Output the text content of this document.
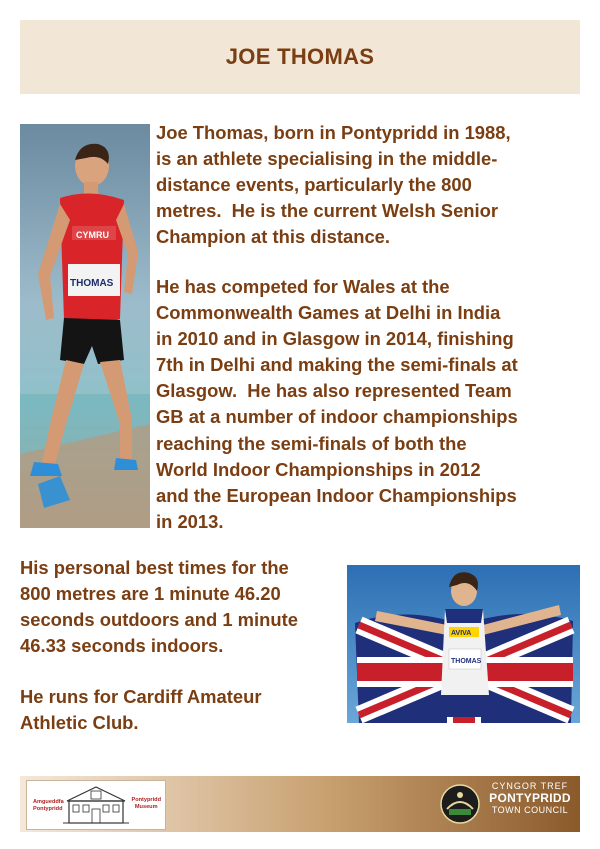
JOE THOMAS
CYMRU
THOMAS

Joe Thomas, born in Pontypridd in 1988,
is an athlete specialising in the middle-
distance events, particularly the 800
metres.  He is the current Welsh Senior
Champion at this distance.

He has competed for Wales at the
Commonwealth Games at Delhi in India
in 2010 and in Glasgow in 2014, finishing
7th in Delhi and making the semi-finals at
Glasgow.  He has also represented Team
GB at a number of indoor championships
reaching the semi-finals of both the
World Indoor Championships in 2012
and the European Indoor Championships
in 2013.

His personal best times for the
800 metres are 1 minute 46.20
seconds outdoors and 1 minute
46.33 seconds indoors.

He runs for Cardiff Amateur
Athletic Club.

AVIVA
THOMAS
Amgueddfa
Pontypridd
Pontypridd
Museum
CYNGOR TREF
PONTYPRIDD
TOWN COUNCIL
